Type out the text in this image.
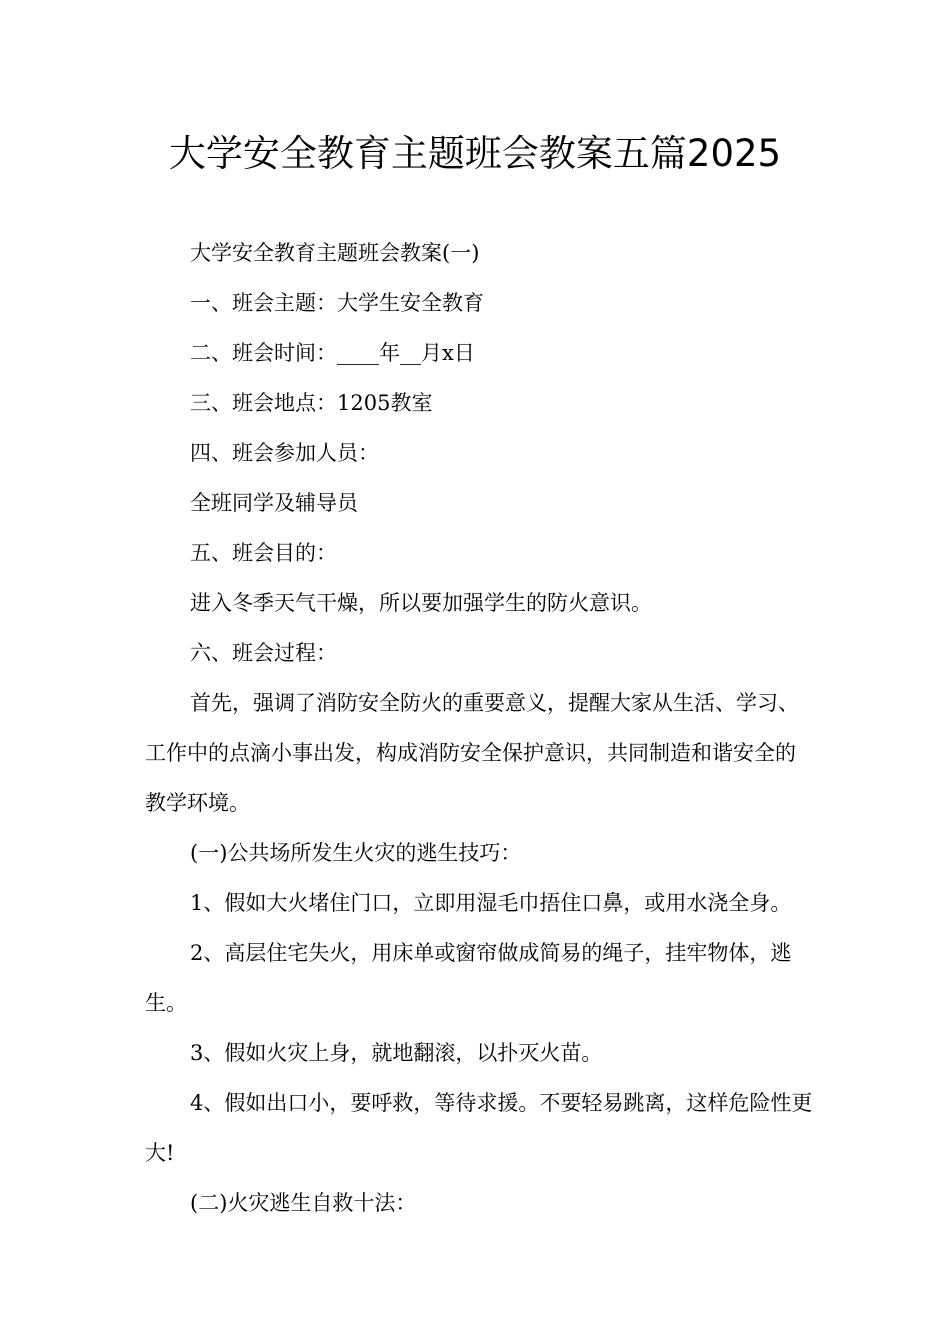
大学安全教育主题班会教案五篇2025

大学安全教育主题班会教案(一)

一、班会主题：大学生安全教育

二、班会时间：____年__月x日

三、班会地点：1205教室

四、班会参加人员：

全班同学及辅导员

五、班会目的：

进入冬季天气干燥，所以要加强学生的防火意识。

六、班会过程：

首先，强调了消防安全防火的重要意义，提醒大家从生活、学习、工作中的点滴小事出发，构成消防安全保护意识，共同制造和谐安全的教学环境。

(一)公共场所发生火灾的逃生技巧：

1、假如大火堵住门口，立即用湿毛巾捂住口鼻，或用水浇全身。

2、高层住宅失火，用床单或窗帘做成简易的绳子，挂牢物体，逃生。

3、假如火灾上身，就地翻滚，以扑灭火苗。

4、假如出口小，要呼救，等待求援。不要轻易跳离，这样危险性更大!

(二)火灾逃生自救十法：
